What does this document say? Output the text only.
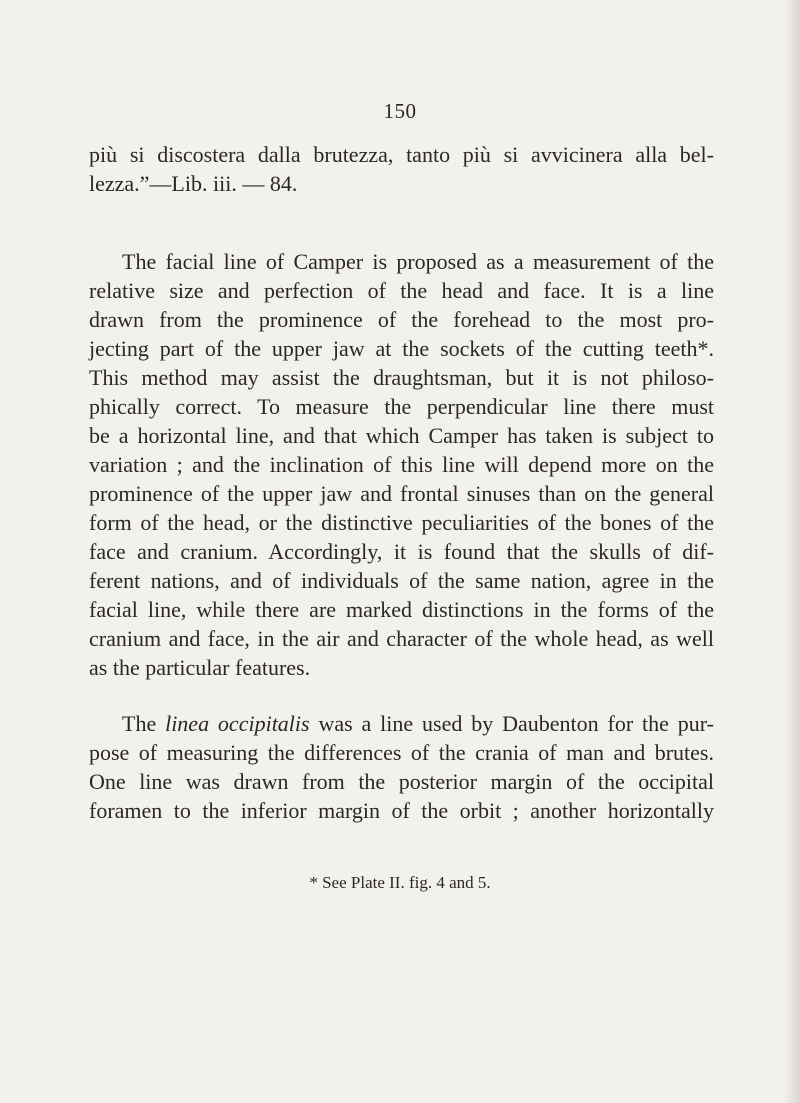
150
più si discostera dalla brutezza, tanto più si avvicinera alla bel-
lezza.”—Lib. iii. — 84.
The facial line of Camper is proposed as a measurement of the
relative size and perfection of the head and face. It is a line
drawn from the prominence of the forehead to the most pro-
jecting part of the upper jaw at the sockets of the cutting teeth*.
This method may assist the draughtsman, but it is not philoso-
phically correct. To measure the perpendicular line there must
be a horizontal line, and that which Camper has taken is subject to
variation ; and the inclination of this line will depend more on the
prominence of the upper jaw and frontal sinuses than on the general
form of the head, or the distinctive peculiarities of the bones of the
face and cranium. Accordingly, it is found that the skulls of dif-
ferent nations, and of individuals of the same nation, agree in the
facial line, while there are marked distinctions in the forms of the
cranium and face, in the air and character of the whole head, as well
as the particular features.
The linea occipitalis was a line used by Daubenton for the pur-
pose of measuring the differences of the crania of man and brutes.
One line was drawn from the posterior margin of the occipital
foramen to the inferior margin of the orbit ; another horizontally
* See Plate II. fig. 4 and 5.
